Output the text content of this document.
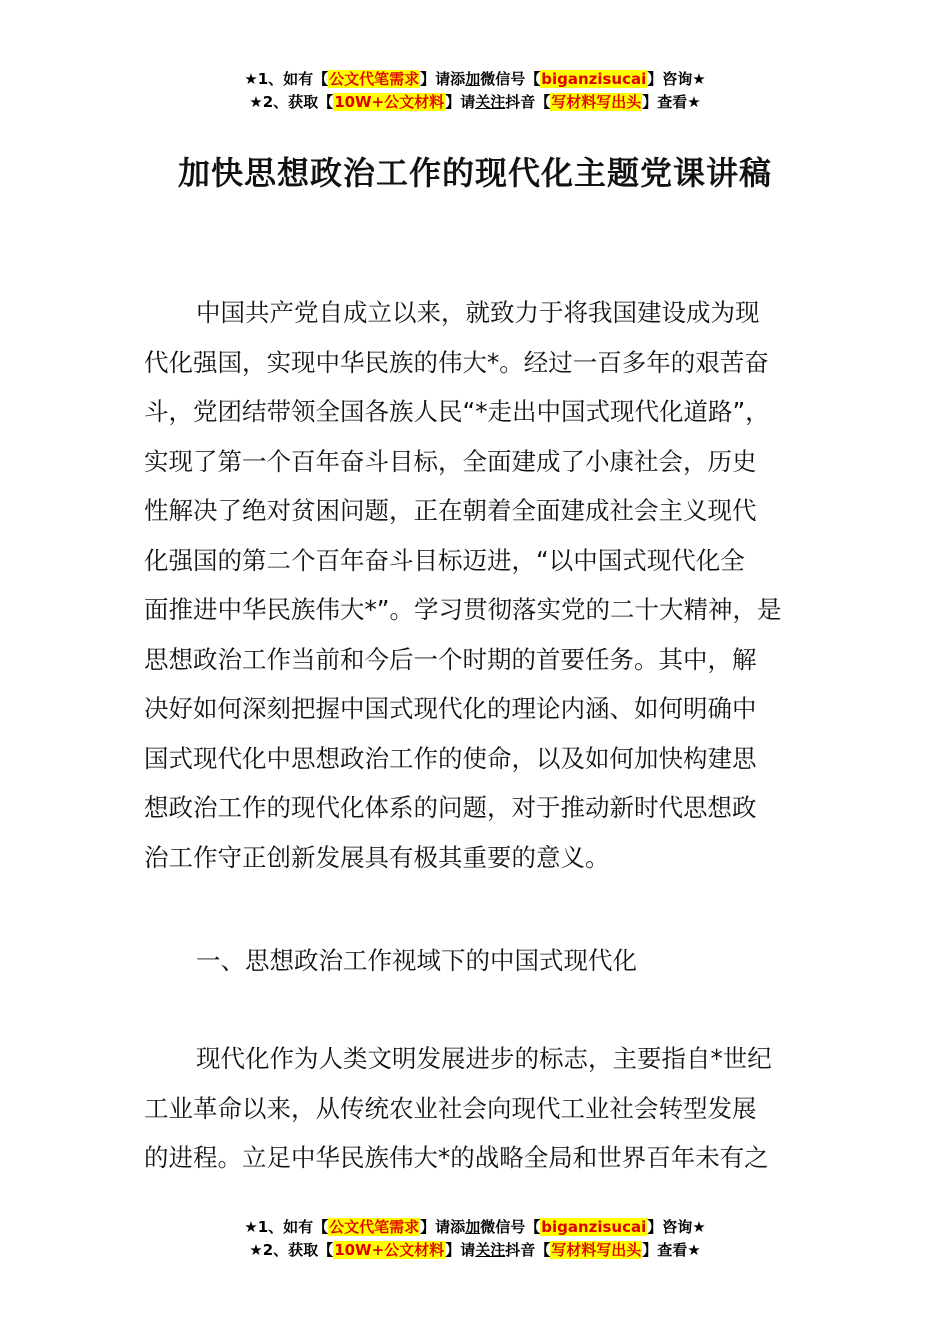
★1、如有【公文代笔需求】请添加微信号【biganzisucai】咨询★
★2、获取【10W+公文材料】请关注抖音【写材料写出头】查看★
加快思想政治工作的现代化主题党课讲稿
中国共产党自成立以来，就致力于将我国建设成为现
代化强国，实现中华民族的伟大*。经过一百多年的艰苦奋
斗，党团结带领全国各族人民“*走出中国式现代化道路”，
实现了第一个百年奋斗目标，全面建成了小康社会，历史
性解决了绝对贫困问题，正在朝着全面建成社会主义现代
化强国的第二个百年奋斗目标迈进，“以中国式现代化全
面推进中华民族伟大*”。学习贯彻落实党的二十大精神，是
思想政治工作当前和今后一个时期的首要任务。其中，解
决好如何深刻把握中国式现代化的理论内涵、如何明确中
国式现代化中思想政治工作的使命，以及如何加快构建思
想政治工作的现代化体系的问题，对于推动新时代思想政
治工作守正创新发展具有极其重要的意义。
一、思想政治工作视域下的中国式现代化
现代化作为人类文明发展进步的标志，主要指自*世纪
工业革命以来，从传统农业社会向现代工业社会转型发展
的进程。立足中华民族伟大*的战略全局和世界百年未有之
★1、如有【公文代笔需求】请添加微信号【biganzisucai】咨询★
★2、获取【10W+公文材料】请关注抖音【写材料写出头】查看★
